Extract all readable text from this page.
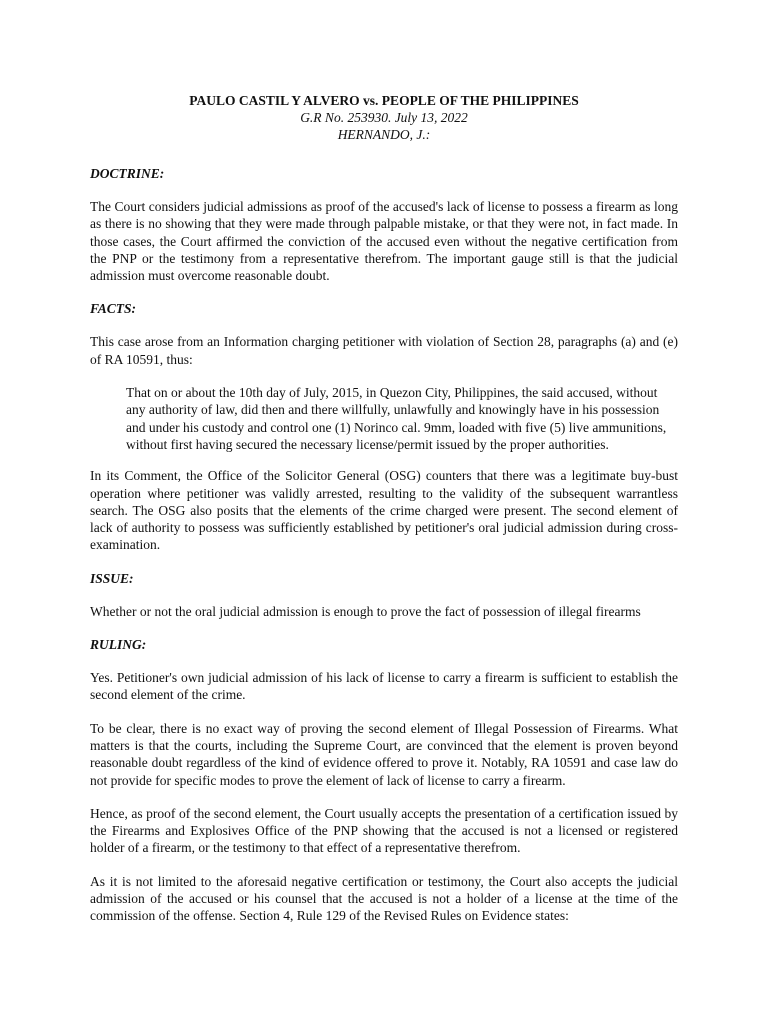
PAULO CASTIL Y ALVERO vs. PEOPLE OF THE PHILIPPINES
G.R No. 253930. July 13, 2022
HERNANDO, J.:
DOCTRINE:

The Court considers judicial admissions as proof of the accused's lack of license to possess a firearm as long as there is no showing that they were made through palpable mistake, or that they were not, in fact made. In those cases, the Court affirmed the conviction of the accused even without the negative certification from the PNP or the testimony from a representative therefrom. The important gauge still is that the judicial admission must overcome reasonable doubt.

FACTS:

This case arose from an Information charging petitioner with violation of Section 28, paragraphs (a) and (e) of RA 10591, thus:

That on or about the 10th day of July, 2015, in Quezon City, Philippines, the said accused, without any authority of law, did then and there willfully, unlawfully and knowingly have in his possession and under his custody and control one (1) Norinco cal. 9mm, loaded with five (5) live ammunitions, without first having secured the necessary license/permit issued by the proper authorities.

In its Comment, the Office of the Solicitor General (OSG) counters that there was a legitimate buy-bust operation where petitioner was validly arrested, resulting to the validity of the subsequent warrantless search. The OSG also posits that the elements of the crime charged were present. The second element of lack of authority to possess was sufficiently established by petitioner's oral judicial admission during cross-examination.

ISSUE:

Whether or not the oral judicial admission is enough to prove the fact of possession of illegal firearms

RULING:

Yes. Petitioner's own judicial admission of his lack of license to carry a firearm is sufficient to establish the second element of the crime.

To be clear, there is no exact way of proving the second element of Illegal Possession of Firearms. What matters is that the courts, including the Supreme Court, are convinced that the element is proven beyond reasonable doubt regardless of the kind of evidence offered to prove it. Notably, RA 10591 and case law do not provide for specific modes to prove the element of lack of license to carry a firearm.

Hence, as proof of the second element, the Court usually accepts the presentation of a certification issued by the Firearms and Explosives Office of the PNP showing that the accused is not a licensed or registered holder of a firearm, or the testimony to that effect of a representative therefrom.

As it is not limited to the aforesaid negative certification or testimony, the Court also accepts the judicial admission of the accused or his counsel that the accused is not a holder of a license at the time of the commission of the offense. Section 4, Rule 129 of the Revised Rules on Evidence states:
